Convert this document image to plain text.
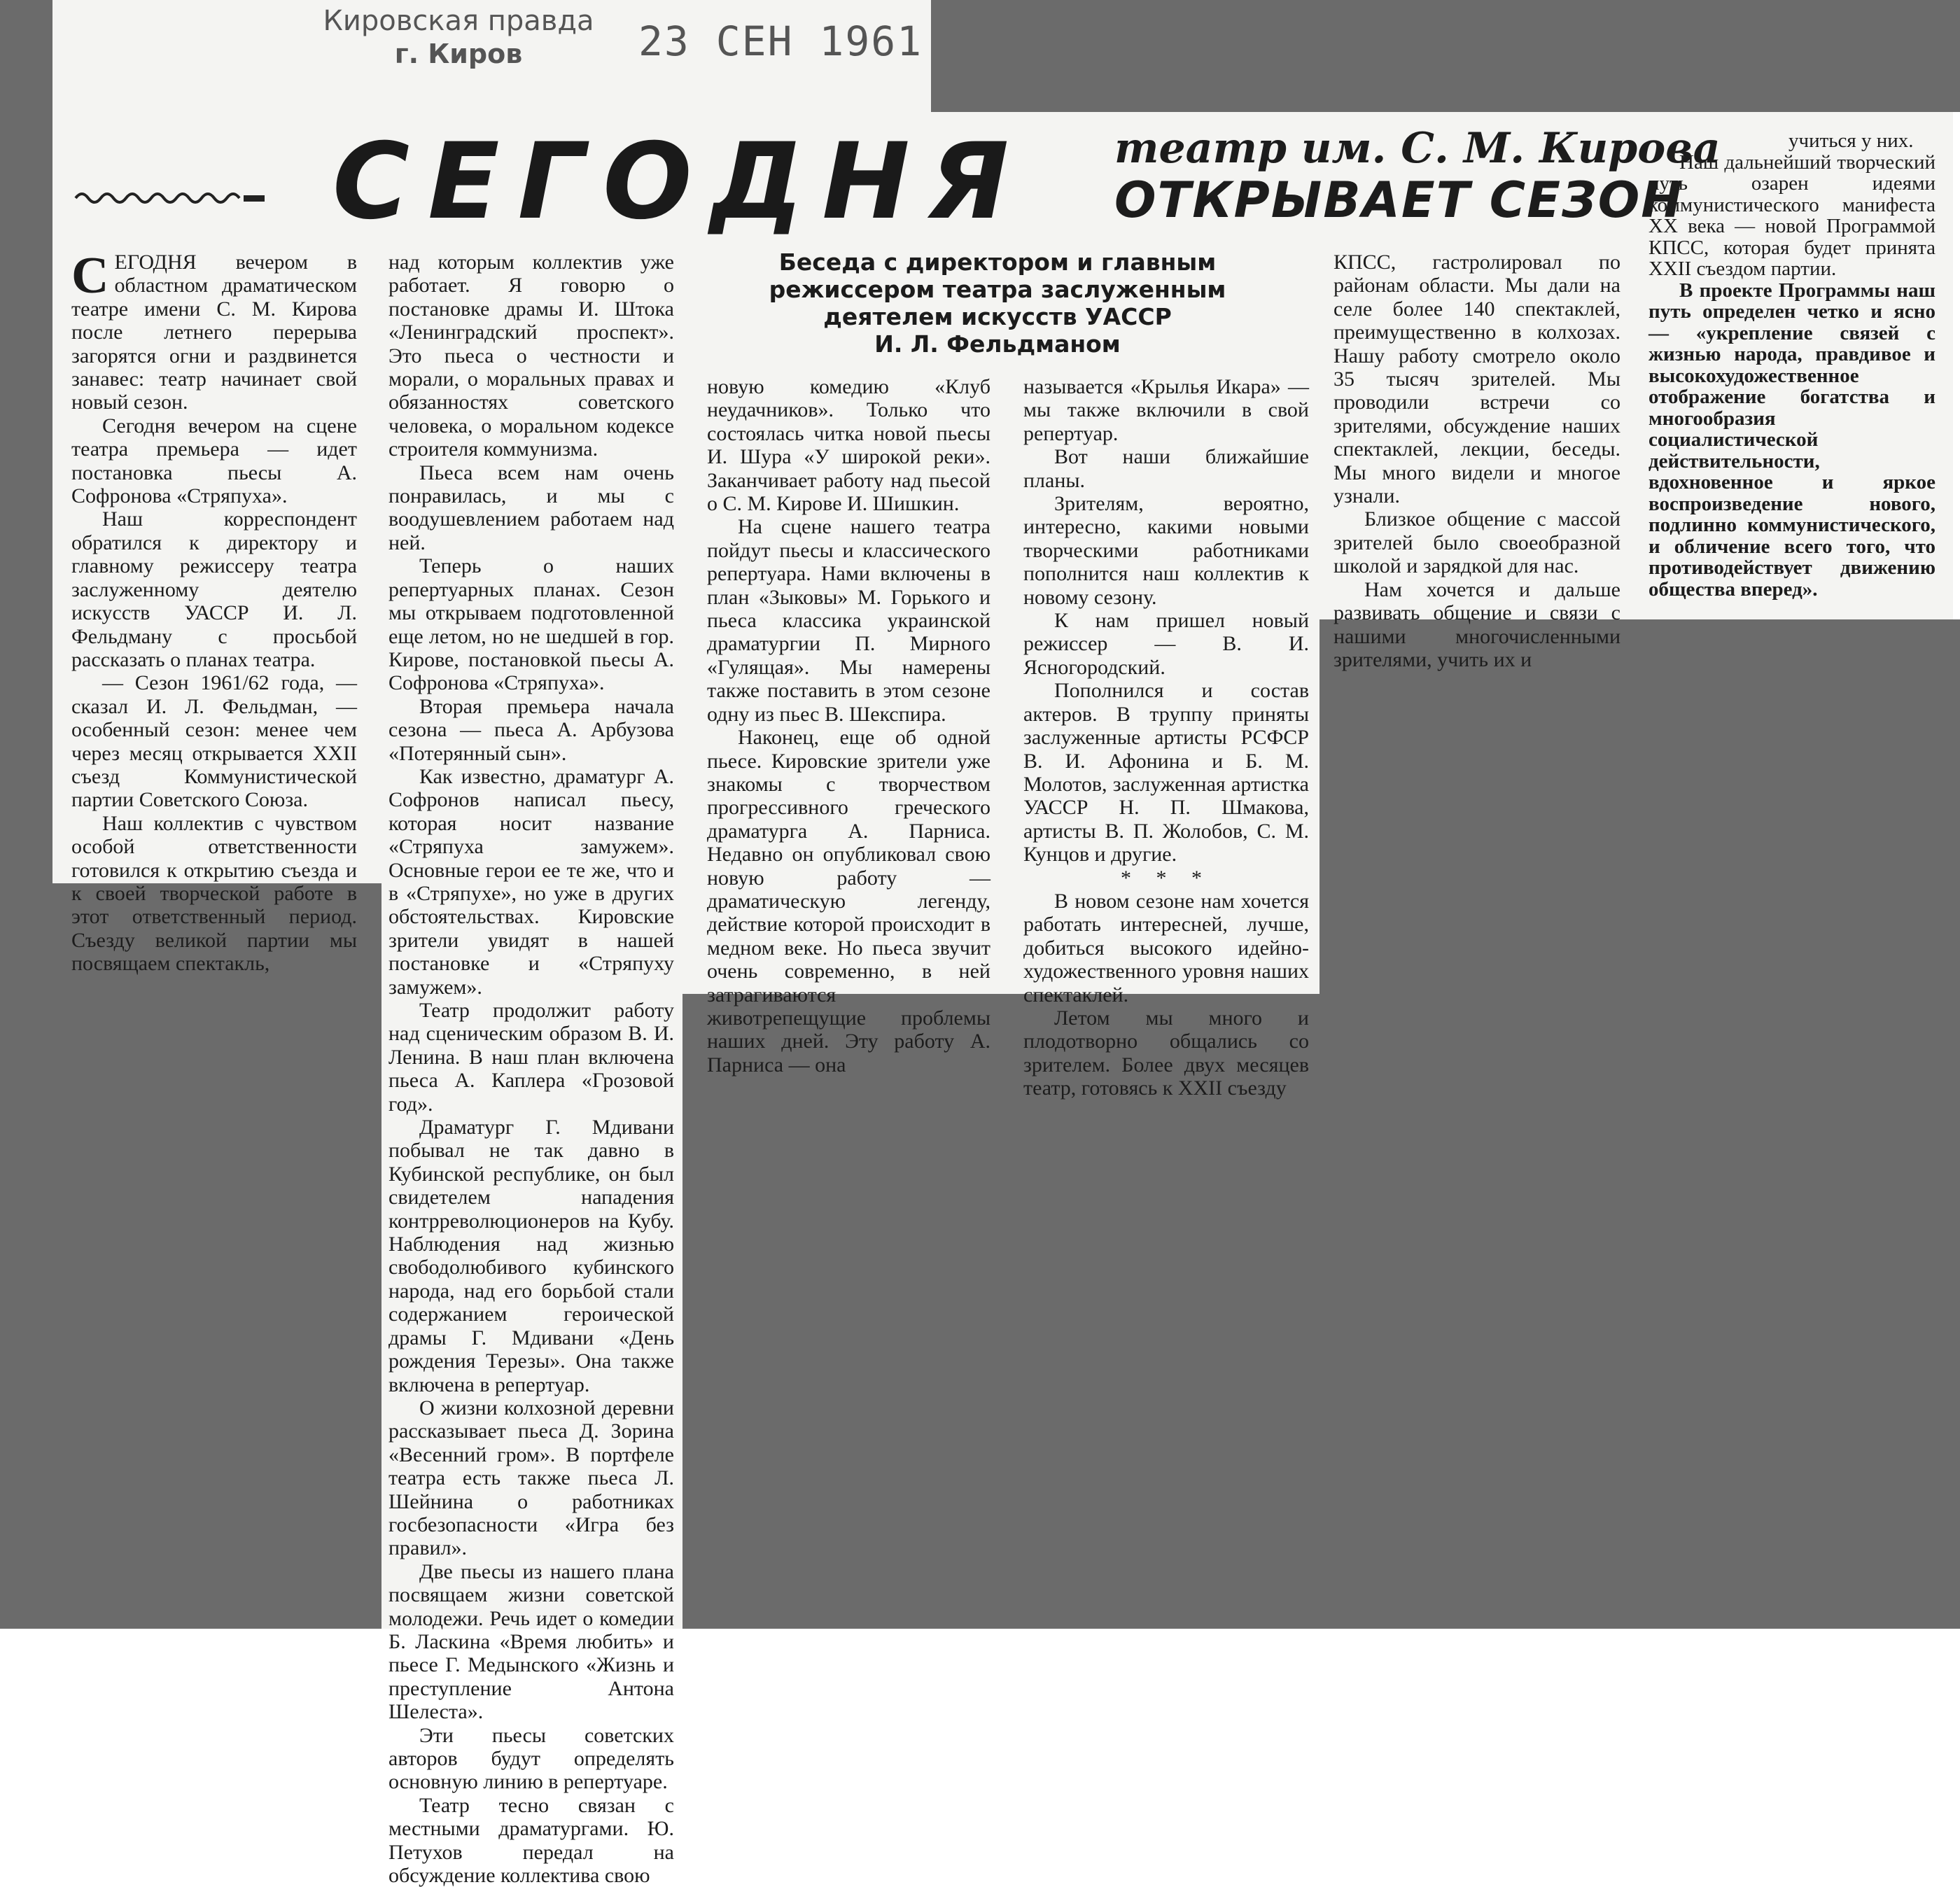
Кировская правда
г. Киров	23 СЕН 1961
СЕГОДНЯ театр им. С. М. Кирова
ОТКРЫВАЕТ СЕЗОН
Беседа с директором и главным
режиссером театра заслуженным
деятелем искусств УАССР
И. Л. Фельдманом

СЕГОДНЯ вечером в областном драматическом театре имени С. М. Кирова после летнего перерыва загорятся огни и раздвинется занавес: театр начинает свой новый сезон.

Сегодня вечером на сцене театра премьера — идет постановка пьесы А. Софронова «Стряпуха».

Наш корреспондент обратился к директору и главному режиссеру театра заслуженному деятелю искусств УАССР И. Л. Фельдману с просьбой рассказать о планах театра.

— Сезон 1961/62 года, — сказал И. Л. Фельдман, — особенный сезон: менее чем через месяц открывается XXII съезд Коммунистической партии Советского Союза.

Наш коллектив с чувством особой ответственности готовился к открытию съезда и к своей творческой работе в этот ответственный период. Съезду великой партии мы посвящаем спектакль,

над которым коллектив уже работает. Я говорю о постановке драмы И. Штока «Ленинградский проспект». Это пьеса о честности и морали, о моральных правах и обязанностях советского человека, о моральном кодексе строителя коммунизма.

Пьеса всем нам очень понравилась, и мы с воодушевлением работаем над ней.

Теперь о наших репертуарных планах. Сезон мы открываем подготовленной еще летом, но не шедшей в гор. Кирове, постановкой пьесы А. Софронова «Стряпуха».

Вторая премьера начала сезона — пьеса А. Арбузова «Потерянный сын».

Как известно, драматург А. Софронов написал пьесу, которая носит название «Стряпуха замужем». Основные герои ее те же, что и в «Стряпухе», но уже в других обстоятельствах. Кировские зрители увидят в нашей постановке и «Стряпуху замужем».

Театр продолжит работу над сценическим образом В. И. Ленина. В наш план включена пьеса А. Каплера «Грозовой год».

Драматург Г. Мдивани побывал не так давно в Кубинской республике, он был свидетелем нападения контрреволюционеров на Кубу. Наблюдения над жизнью свободолюбивого кубинского народа, над его борьбой стали содержанием героической драмы Г. Мдивани «День рождения Терезы». Она также включена в репертуар.

О жизни колхозной деревни рассказывает пьеса Д. Зорина «Весенний гром». В портфеле театра есть также пьеса Л. Шейнина о работниках госбезопасности «Игра без правил».

Две пьесы из нашего плана посвящаем жизни советской молодежи. Речь идет о комедии Б. Ласкина «Время любить» и пьесе Г. Медынского «Жизнь и преступление Антона Шелеста».

Эти пьесы советских авторов будут определять основную линию в репертуаре.

Театр тесно связан с местными драматургами. Ю. Петухов передал на обсуждение коллектива свою

новую комедию «Клуб неудачников». Только что состоялась читка новой пьесы И. Шура «У широкой реки». Заканчивает работу над пьесой о С. М. Кирове И. Шишкин.

На сцене нашего театра пойдут пьесы и классического репертуара. Нами включены в план «Зыковы» М. Горького и пьеса классика украинской драматургии П. Мирного «Гулящая». Мы намерены также поставить в этом сезоне одну из пьес В. Шекспира.

Наконец, еще об одной пьесе. Кировские зрители уже знакомы с творчеством прогрессивного греческого драматурга А. Парниса. Недавно он опубликовал свою новую работу — драматическую легенду, действие которой происходит в медном веке. Но пьеса звучит очень современно, в ней затрагиваются животрепещущие проблемы наших дней. Эту работу А. Парниса — она

называется «Крылья Икара» — мы также включили в свой репертуар.

Вот наши ближайшие планы.

Зрителям, вероятно, интересно, какими новыми творческими работниками пополнится наш коллектив к новому сезону.

К нам пришел новый режиссер — В. И. Ясногородский.

Пополнился и состав актеров. В труппу приняты заслуженные артисты РСФСР В. И. Афонина и Б. М. Молотов, заслуженная артистка УАССР Н. П. Шмакова, артисты В. П. Жолобов, С. М. Кунцов и другие.

* * *

В новом сезоне нам хочется работать интересней, лучше, добиться высокого идейно-художественного уровня наших спектаклей.

Летом мы много и плодотворно общались со зрителем. Более двух месяцев театр, готовясь к XXII съезду

КПСС, гастролировал по районам области. Мы дали на селе более 140 спектаклей, преимущественно в колхозах. Нашу работу смотрело около 35 тысяч зрителей. Мы проводили встречи со зрителями, обсуждение наших спектаклей, лекции, беседы. Мы много видели и многое узнали.

Близкое общение с массой зрителей было своеобразной школой и зарядкой для нас.

Нам хочется и дальше развивать общение и связи с нашими многочисленными зрителями, учить их и

учиться у них.

Наш дальнейший творческий путь озарен идеями коммунистического манифеста XX века — новой Программой КПСС, которая будет принята XXII съездом партии.

В проекте Программы наш путь определен четко и ясно — «укрепление связей с жизнью народа, правдивое и высокохудожественное отображение богатства и многообразия социалистической действительности, вдохновенное и яркое воспроизведение нового, подлинно коммунистического, и обличение всего того, что противодействует движению общества вперед».
